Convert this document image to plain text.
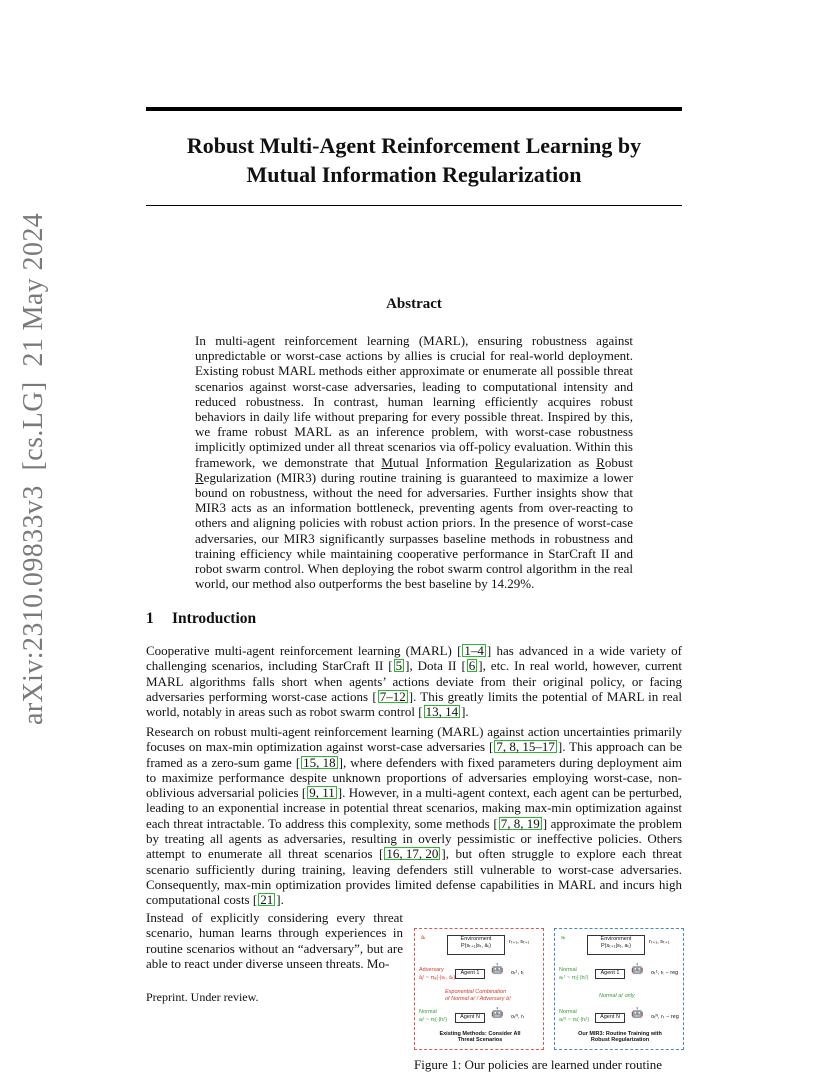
Robust Multi-Agent Reinforcement Learning by
Mutual Information Regularization
arXiv:2310.09833v3  [cs.LG]  21 May 2024	Abstract
In multi-agent reinforcement learning (MARL), ensuring robustness against unpredictable or worst-case actions by allies is crucial for real-world deployment. Existing robust MARL methods either approximate or enumerate all possible threat scenarios against worst-case adversaries, leading to computational intensity and reduced robustness. In contrast, human learning efficiently acquires robust behaviors in daily life without preparing for every possible threat. Inspired by this, we frame robust MARL as an inference problem, with worst-case robustness implicitly optimized under all threat scenarios via off-policy evaluation. Within this framework, we demonstrate that Mutual Information Regularization as Robust Regularization (MIR3) during routine training is guaranteed to maximize a lower bound on robustness, without the need for adversaries. Further insights show that MIR3 acts as an information bottleneck, preventing agents from over-reacting to others and aligning policies with robust action priors. In the presence of worst-case adversaries, our MIR3 significantly surpasses baseline methods in robustness and training efficiency while maintaining cooperative performance in StarCraft II and robot swarm control. When deploying the robot swarm control algorithm in the real world, our method also outperforms the best baseline by 14.29%.
1 Introduction
Cooperative multi-agent reinforcement learning (MARL) [ 1–4 ] has advanced in a wide variety of challenging scenarios, including StarCraft II [ 5 ], Dota II [ 6 ], etc. In real world, however, current MARL algorithms falls short when agents’ actions deviate from their original policy, or facing adversaries performing worst-case actions [ 7–12 ]. This greatly limits the potential of MARL in real world, notably in areas such as robot swarm control [ 13, 14 ].
Research on robust multi-agent reinforcement learning (MARL) against action uncertainties primarily focuses on max-min optimization against worst-case adversaries [ 7, 8, 15–17 ]. This approach can be framed as a zero-sum game [ 15, 18 ], where defenders with fixed parameters during deployment aim to maximize performance despite unknown proportions of adversaries employing worst-case, non-oblivious adversarial policies [ 9, 11 ]. However, in a multi-agent context, each agent can be perturbed, leading to an exponential increase in potential threat scenarios, making max-min optimization against each threat intractable. To address this complexity, some methods [ 7, 8, 19 ] approximate the problem by treating all agents as adversaries, resulting in overly pessimistic or ineffective policies. Others attempt to enumerate all threat scenarios [ 16, 17, 20 ], but often struggle to explore each threat scenario sufficiently during training, leaving defenders still vulnerable to worst-case adversaries. Consequently, max-min optimization provides limited defense capabilities in MARL and incurs high computational costs [ 21 ].
Instead of explicitly considering every threat scenario, human learns through experiences in routine scenarios without an “adversary”, but are able to react under diverse unseen threats. Mo-
Preprint. Under review.
Environment
P(sₜ₊₁|sₜ, āₜ)
rₜ₊₁, sₜ₊₁
āₜ
Adversary
âⱼᵗ ~ πₐ(·|sₜ, āₜ)
Agent 1	🤖 oₜ¹, rₜ
Exponential Combination
of Normal aᵢᵗ / Adversary âⱼᵗ
Normal
aᵢᵗ ~ πᵢ(·|hᵢᵗ)	Agent N	🤖 oₜᴺ, rₜ
Existing Methods: Consider All
Threat Scenarios
Environment
P(sₜ₊₁|sₜ, aₜ)
rₜ₊₁, sₜ₊₁
aₜ
Normal
aₜ¹ ~ πᵢ(·|hᵢᵗ)
Agent 1	🤖 oₜ¹, rₜ − reg
Normal aᵢᵗ only
Normal
aₜᴺ ~ πᵢ(·|hᵢᵗ)	Agent N	🤖 oₜᴺ, rₜ − reg
Our MIR3: Routine Training with
Robust Regularization
Figure 1: Our policies are learned under routine
